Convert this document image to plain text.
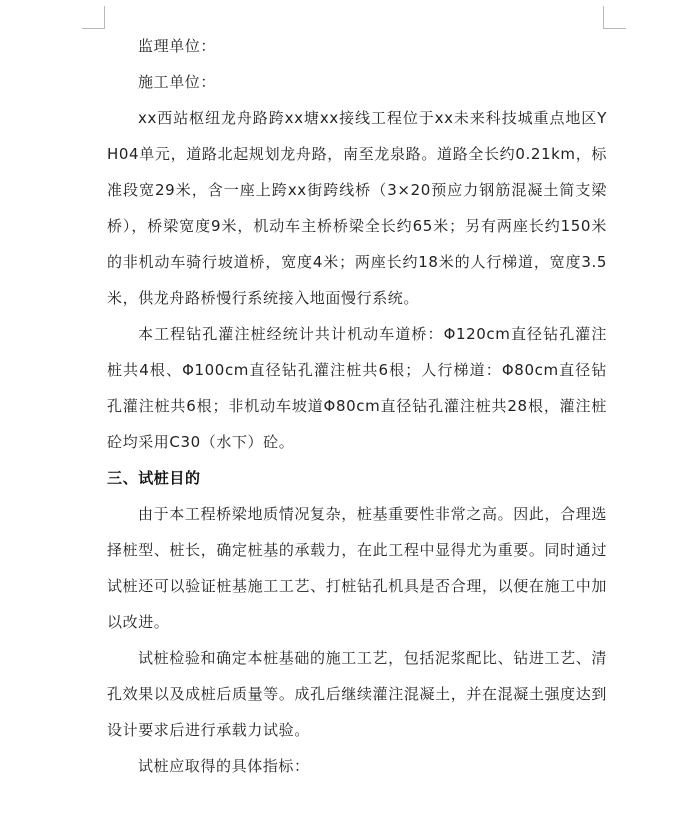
监理单位：

施工单位：

xx西站枢纽龙舟路跨xx塘xx接线工程位于xx未来科技城重点地区YH04单元，道路北起规划龙舟路，南至龙泉路。道路全长约0.21km，标准段宽29米，含一座上跨xx街跨线桥（3×20预应力钢筋混凝土简支梁桥），桥梁宽度9米，机动车主桥桥梁全长约65米；另有两座长约150米的非机动车骑行坡道桥，宽度4米；两座长约18米的人行梯道，宽度3.5米，供龙舟路桥慢行系统接入地面慢行系统。

本工程钻孔灌注桩经统计共计机动车道桥：Φ120cm直径钻孔灌注桩共4根、Φ100cm直径钻孔灌注桩共6根；人行梯道：Φ80cm直径钻孔灌注桩共6根；非机动车坡道Φ80cm直径钻孔灌注桩共28根，灌注桩砼均采用C30（水下）砼。

三、试桩目的

由于本工程桥梁地质情况复杂，桩基重要性非常之高。因此，合理选择桩型、桩长，确定桩基的承载力，在此工程中显得尤为重要。同时通过试桩还可以验证桩基施工工艺、打桩钻孔机具是否合理，以便在施工中加以改进。

试桩检验和确定本桩基础的施工工艺，包括泥浆配比、钻进工艺、清孔效果以及成桩后质量等。成孔后继续灌注混凝土，并在混凝土强度达到设计要求后进行承载力试验。

试桩应取得的具体指标：
